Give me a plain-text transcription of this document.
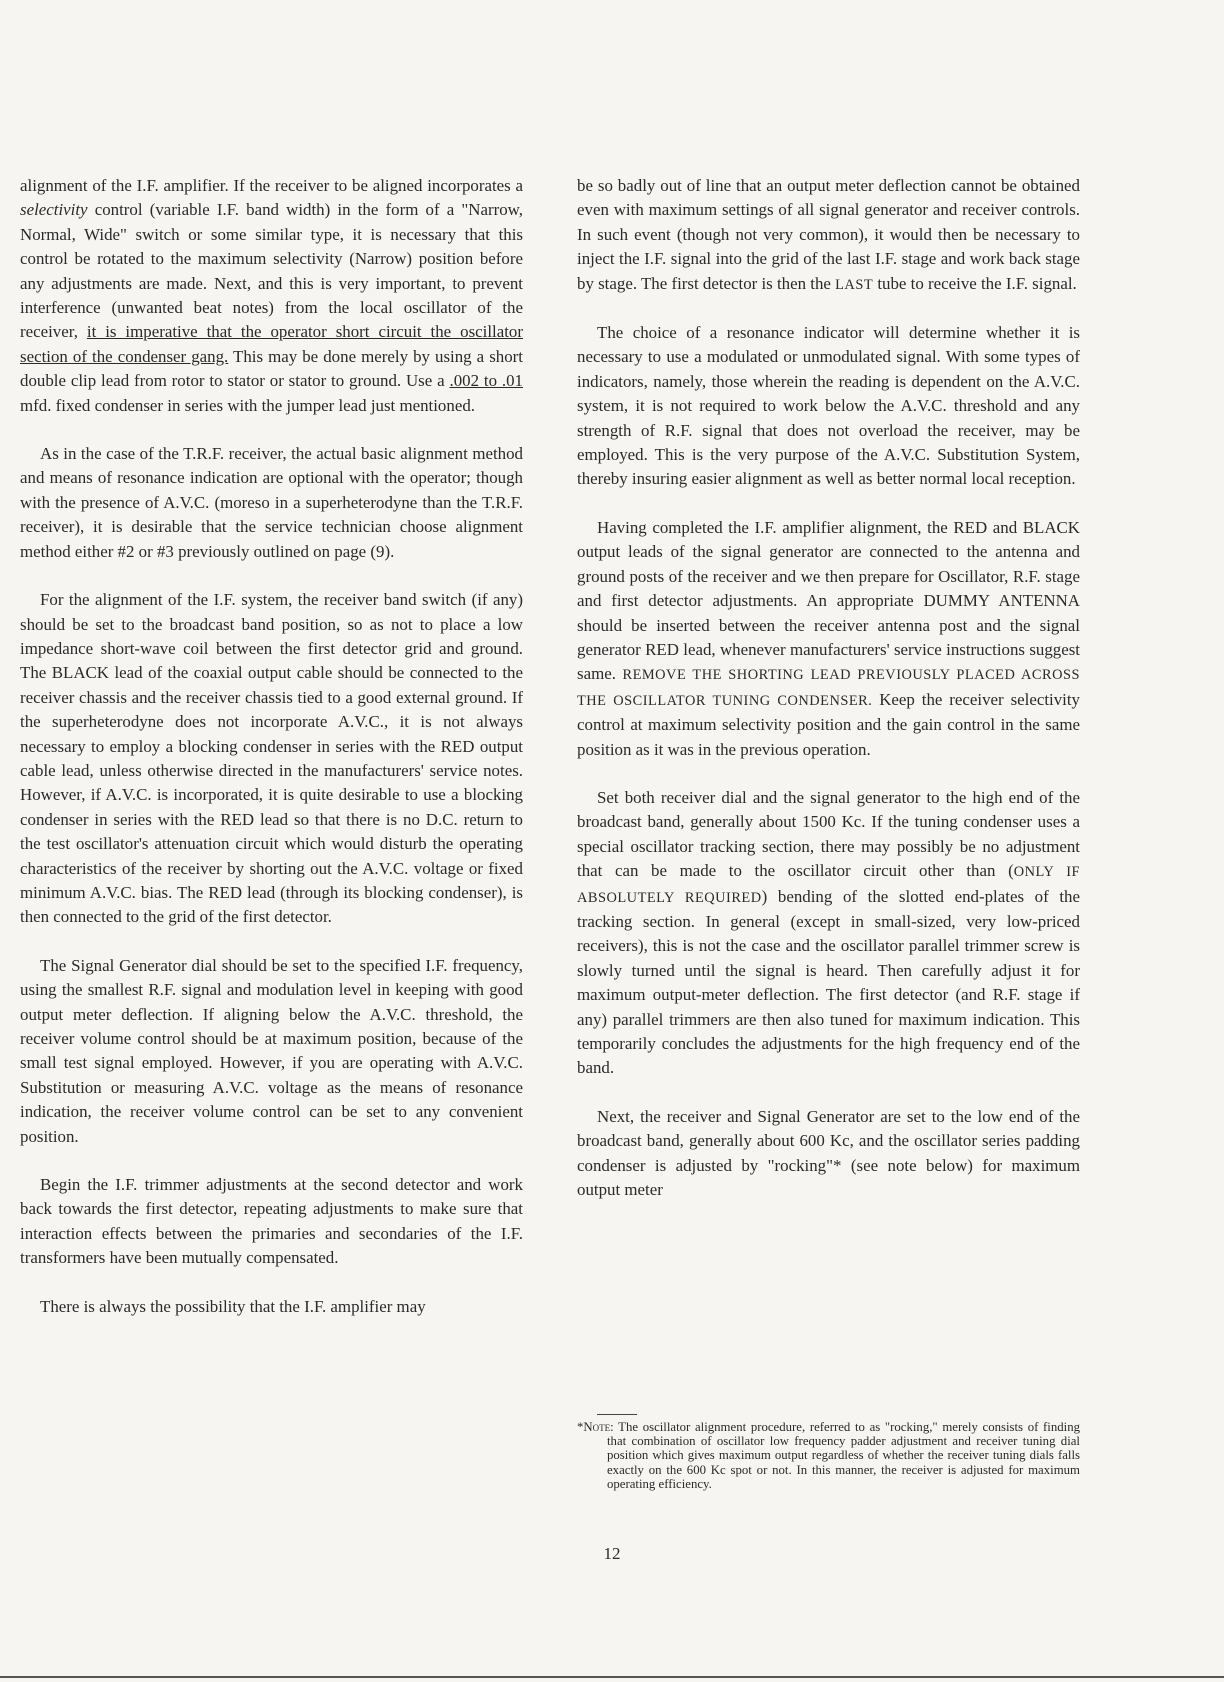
alignment of the I.F. amplifier. If the receiver to be aligned incorporates a selectivity control (variable I.F. band width) in the form of a "Narrow, Normal, Wide" switch or some similar type, it is necessary that this control be rotated to the maximum selectivity (Narrow) position before any adjustments are made. Next, and this is very important, to prevent interference (unwanted beat notes) from the local oscillator of the receiver, it is imperative that the operator short circuit the oscillator section of the condenser gang. This may be done merely by using a short double clip lead from rotor to stator or stator to ground. Use a .002 to .01 mfd. fixed condenser in series with the jumper lead just mentioned.

As in the case of the T.R.F. receiver, the actual basic alignment method and means of resonance indication are optional with the operator; though with the presence of A.V.C. (moreso in a superheterodyne than the T.R.F. receiver), it is desirable that the service technician choose alignment method either #2 or #3 previously outlined on page (9).

For the alignment of the I.F. system, the receiver band switch (if any) should be set to the broadcast band position, so as not to place a low impedance short-wave coil between the first detector grid and ground. The BLACK lead of the coaxial output cable should be connected to the receiver chassis and the receiver chassis tied to a good external ground. If the superheterodyne does not incorporate A.V.C., it is not always necessary to employ a blocking condenser in series with the RED output cable lead, unless otherwise directed in the manufacturers' service notes. However, if A.V.C. is incorporated, it is quite desirable to use a blocking condenser in series with the RED lead so that there is no D.C. return to the test oscillator's attenuation circuit which would disturb the operating characteristics of the receiver by shorting out the A.V.C. voltage or fixed minimum A.V.C. bias. The RED lead (through its blocking condenser), is then connected to the grid of the first detector.

The Signal Generator dial should be set to the specified I.F. frequency, using the smallest R.F. signal and modulation level in keeping with good output meter deflection. If aligning below the A.V.C. threshold, the receiver volume control should be at maximum position, because of the small test signal employed. However, if you are operating with A.V.C. Substitution or measuring A.V.C. voltage as the means of resonance indication, the receiver volume control can be set to any convenient position.

Begin the I.F. trimmer adjustments at the second detector and work back towards the first detector, repeating adjustments to make sure that interaction effects between the primaries and secondaries of the I.F. transformers have been mutually compensated.

There is always the possibility that the I.F. amplifier may

be so badly out of line that an output meter deflection cannot be obtained even with maximum settings of all signal generator and receiver controls. In such event (though not very common), it would then be necessary to inject the I.F. signal into the grid of the last I.F. stage and work back stage by stage. The first detector is then the LAST tube to receive the I.F. signal.

The choice of a resonance indicator will determine whether it is necessary to use a modulated or unmodulated signal. With some types of indicators, namely, those wherein the reading is dependent on the A.V.C. system, it is not required to work below the A.V.C. threshold and any strength of R.F. signal that does not overload the receiver, may be employed. This is the very purpose of the A.V.C. Substitution System, thereby insuring easier alignment as well as better normal local reception.

Having completed the I.F. amplifier alignment, the RED and BLACK output leads of the signal generator are connected to the antenna and ground posts of the receiver and we then prepare for Oscillator, R.F. stage and first detector adjustments. An appropriate DUMMY ANTENNA should be inserted between the receiver antenna post and the signal generator RED lead, whenever manufacturers' service instructions suggest same. REMOVE THE SHORTING LEAD PREVIOUSLY PLACED ACROSS THE OSCILLATOR TUNING CONDENSER. Keep the receiver selectivity control at maximum selectivity position and the gain control in the same position as it was in the previous operation.

Set both receiver dial and the signal generator to the high end of the broadcast band, generally about 1500 Kc. If the tuning condenser uses a special oscillator tracking section, there may possibly be no adjustment that can be made to the oscillator circuit other than (ONLY IF ABSOLUTELY REQUIRED) bending of the slotted end-plates of the tracking section. In general (except in small-sized, very low-priced receivers), this is not the case and the oscillator parallel trimmer screw is slowly turned until the signal is heard. Then carefully adjust it for maximum output-meter deflection. The first detector (and R.F. stage if any) parallel trimmers are then also tuned for maximum indication. This temporarily concludes the adjustments for the high frequency end of the band.

Next, the receiver and Signal Generator are set to the low end of the broadcast band, generally about 600 Kc, and the oscillator series padding condenser is adjusted by "rocking"* (see note below) for maximum output meter

*Note: The oscillator alignment procedure, referred to as "rocking," merely consists of finding that combination of oscillator low frequency padder adjustment and receiver tuning dial position which gives maximum output regardless of whether the receiver tuning dials falls exactly on the 600 Kc spot or not. In this manner, the receiver is adjusted for maximum operating efficiency.
12
